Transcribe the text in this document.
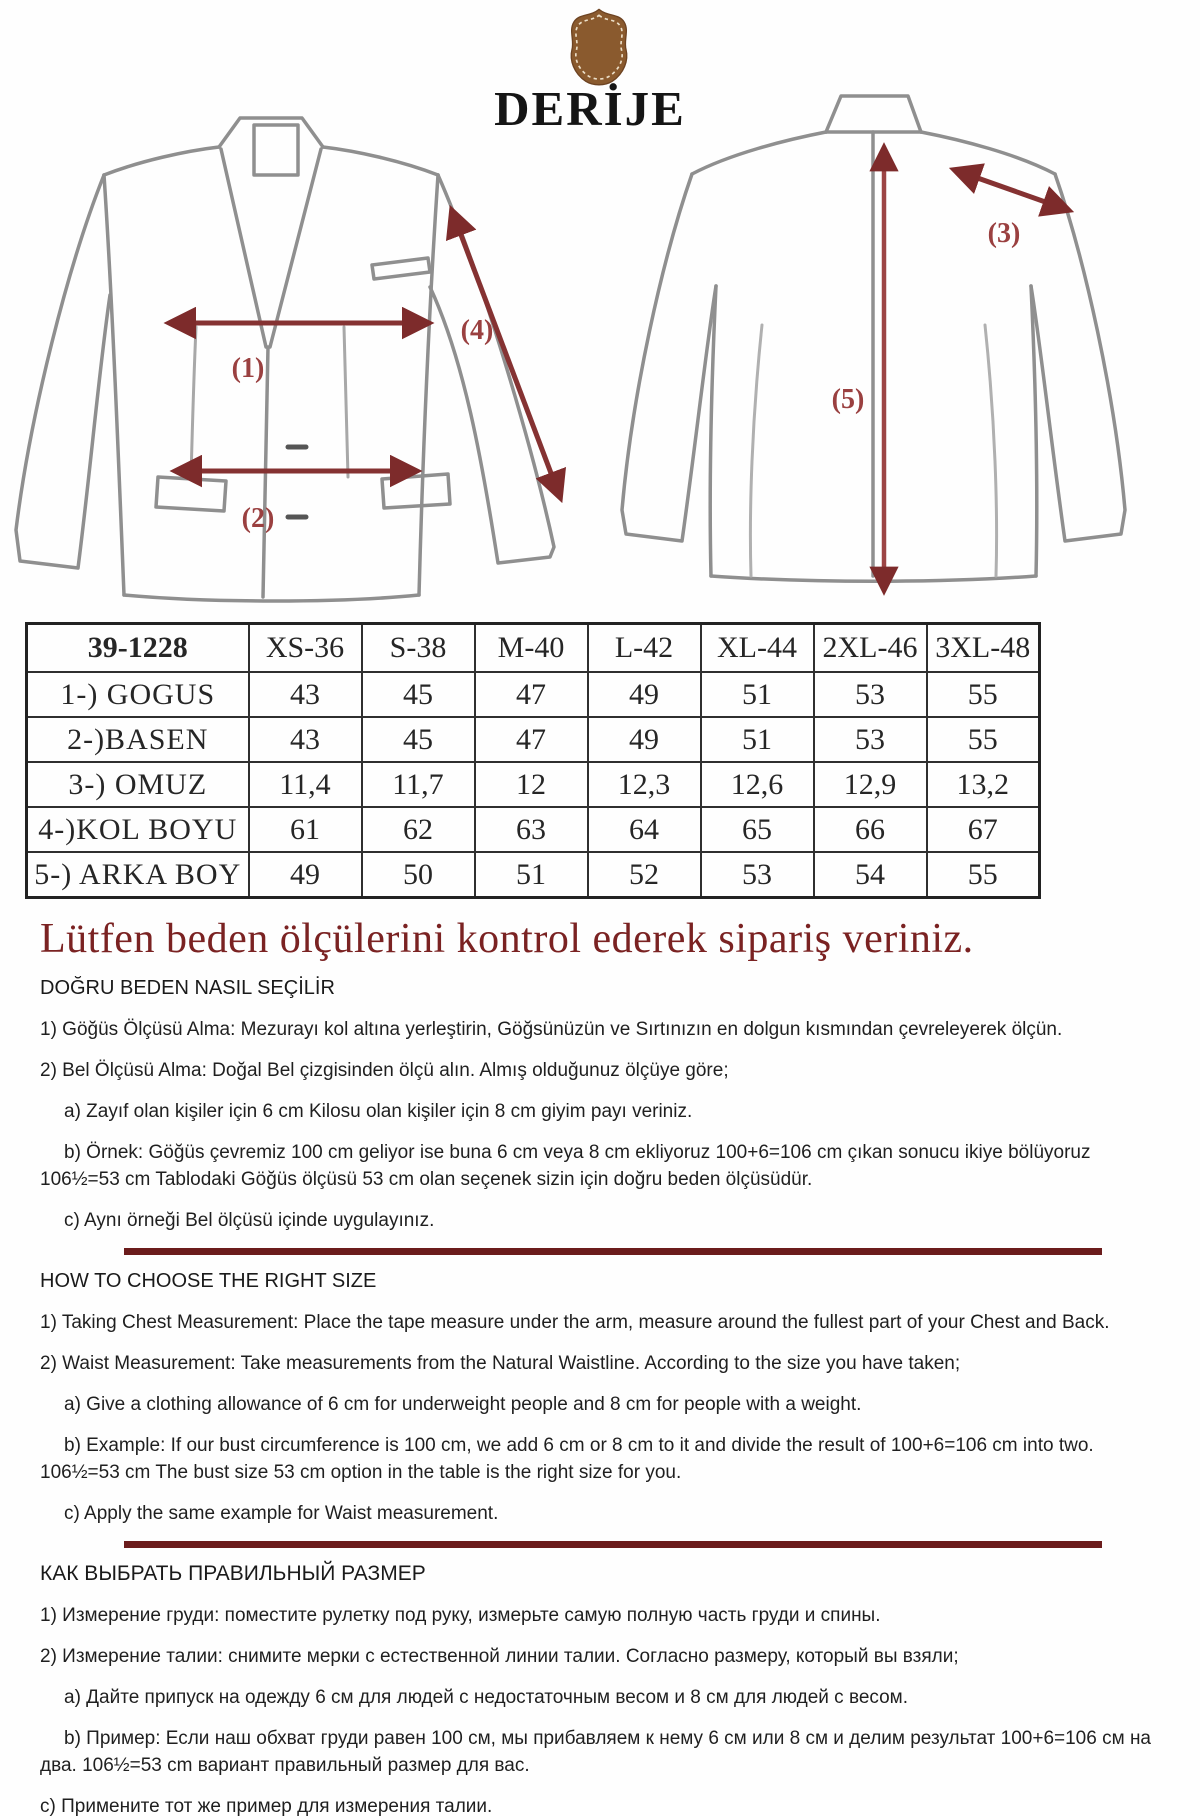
DERİJE
(1)
(2)
(4)
(3)
(5)
39-1228	XS-36	S-38	M-40	L-42	XL-44	2XL-46	3XL-48
1-) GOGUS	43	45	47	49	51	53	55
2-)BASEN	43	45	47	49	51	53	55
3-) OMUZ	11,4	11,7	12	12,3	12,6	12,9	13,2
4-)KOL BOYU	61	62	63	64	65	66	67
5-) ARKA BOY	49	50	51	52	53	54	55
Lütfen beden ölçülerini kontrol ederek sipariş veriniz.
DOĞRU BEDEN NASIL SEÇİLİR

1) Göğüs Ölçüsü Alma: Mezurayı kol altına yerleştirin, Göğsünüzün ve Sırtınızın en dolgun kısmından çevreleyerek ölçün.

2) Bel Ölçüsü Alma: Doğal Bel çizgisinden ölçü alın. Almış olduğunuz ölçüye göre;

a) Zayıf olan kişiler için 6 cm Kilosu olan kişiler için 8 cm giyim payı veriniz.

b) Örnek: Göğüs çevremiz 100 cm geliyor ise buna 6 cm veya 8 cm ekliyoruz 100+6=106 cm çıkan sonucu ikiye bölüyoruz 106½=53 cm Tablodaki Göğüs ölçüsü 53 cm olan seçenek sizin için doğru beden ölçüsüdür.

c) Aynı örneği Bel ölçüsü içinde uygulayınız.

HOW TO CHOOSE THE RIGHT SIZE

1) Taking Chest Measurement: Place the tape measure under the arm, measure around the fullest part of your Chest and Back.

2) Waist Measurement: Take measurements from the Natural Waistline. According to the size you have taken;

a) Give a clothing allowance of 6 cm for underweight people and 8 cm for people with a weight.

b) Example: If our bust circumference is 100 cm, we add 6 cm or 8 cm to it and divide the result of 100+6=106 cm into two. 106½=53 cm The bust size 53 cm option in the table is the right size for you.

c) Apply the same example for Waist measurement.

КАК ВЫБРАТЬ ПРАВИЛЬНЫЙ РАЗМЕР

1) Измерение груди: поместите рулетку под руку, измерьте самую полную часть груди и спины.

2) Измерение талии: снимите мерки с естественной линии талии. Согласно размеру, который вы взяли;

a) Дайте припуск на одежду 6 см для людей с недостаточным весом и 8 см для людей с весом.

b) Пример: Если наш обхват груди равен 100 см, мы прибавляем к нему 6 см или 8 см и делим результат 100+6=106 см на два. 106½=53 cm вариант правильный размер для вас.

c) Примените тот же пример для измерения талии.
